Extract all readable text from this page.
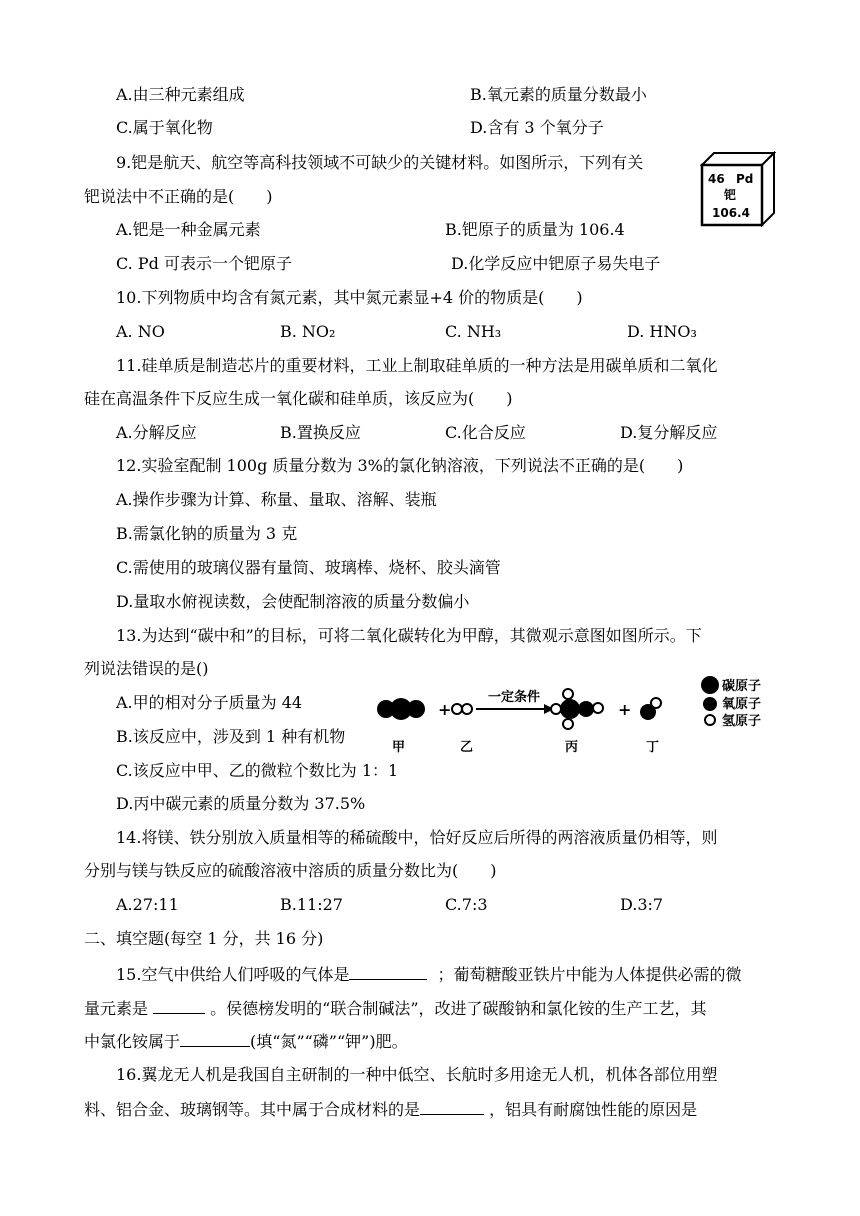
A.由三种元素组成	B.氧元素的质量分数最小
C.属于氧化物	D.含有 3 个氧分子
9.钯是航天、航空等高科技领域不可缺少的关键材料。如图所示，下列有关
钯说法中不正确的是(　　)
A.钯是一种金属元素	B.钯原子的质量为 106.4
C. Pd 可表示一个钯原子	D.化学反应中钯原子易失电子
46 Pd
钯
106.4
10.下列物质中均含有氮元素，其中氮元素显+4 价的物质是(　　)
A. NO	B. NO₂	C. NH₃	D. HNO₃
11.硅单质是制造芯片的重要材料，工业上制取硅单质的一种方法是用碳单质和二氧化
硅在高温条件下反应生成一氧化碳和硅单质，该反应为(　　)
A.分解反应	B.置换反应	C.化合反应	D.复分解反应
12.实验室配制 100g 质量分数为 3%的氯化钠溶液，下列说法不正确的是(　　)
A.操作步骤为计算、称量、量取、溶解、装瓶
B.需氯化钠的质量为 3 克
C.需使用的玻璃仪器有量筒、玻璃棒、烧杯、胶头滴管
D.量取水俯视读数，会使配制溶液的质量分数偏小
13.为达到“碳中和”的目标，可将二氧化碳转化为甲醇，其微观示意图如图所示。下
列说法错误的是()
A.甲的相对分子质量为 44
B.该反应中，涉及到 1 种有机物
C.该反应中甲、乙的微粒个数比为 1：1
D.丙中碳元素的质量分数为 37.5%
+
一定条件
+
甲	乙	丙	丁
碳原子
氧原子
氢原子
14.将镁、铁分别放入质量相等的稀硫酸中，恰好反应后所得的两溶液质量仍相等，则
分别与镁与铁反应的硫酸溶液中溶质的质量分数比为(　　)
A.27:11	B.11:27	C.7:3	D.3:7
二、填空题(每空 1 分，共 16 分)
15.空气中供给人们呼吸的气体是	；葡萄糖酸亚铁片中能为人体提供必需的微
量元素是	。侯德榜发明的“联合制碱法”，改进了碳酸钠和氯化铵的生产工艺，其
中氯化铵属于	(填“氮”“磷”“钾”)肥。
16.翼龙无人机是我国自主研制的一种中低空、长航时多用途无人机，机体各部位用塑
料、铝合金、玻璃钢等。其中属于合成材料的是	，铝具有耐腐蚀性能的原因是
